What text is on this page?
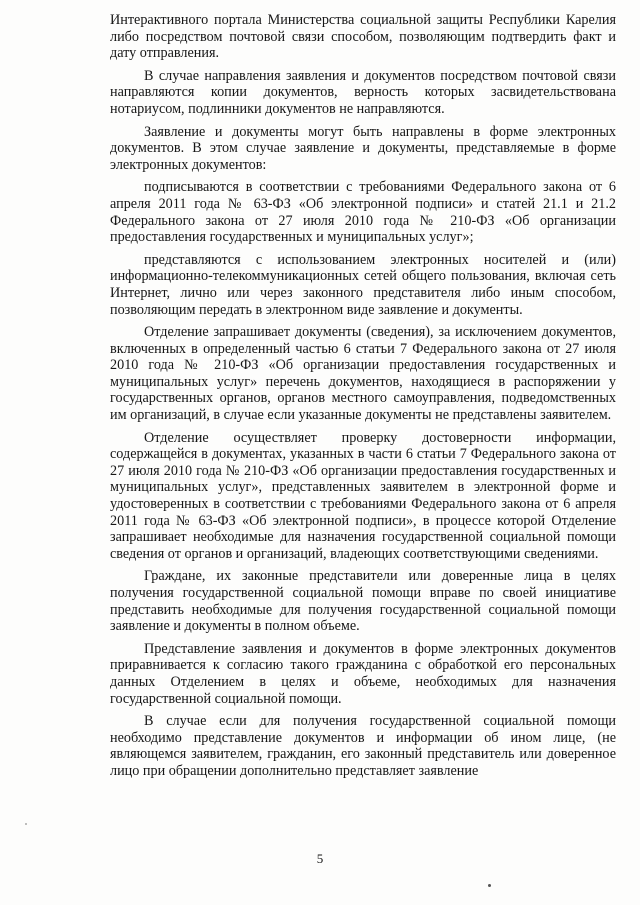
Интерактивного портала Министерства социальной защиты Республики Карелия либо посредством почтовой связи способом, позволяющим подтвердить факт и дату отправления.

В случае направления заявления и документов посредством почтовой связи направляются копии документов, верность которых засвидетельствована нотариусом, подлинники документов не направляются.

Заявление и документы могут быть направлены в форме электронных документов. В этом случае заявление и документы, представляемые в форме электронных документов:

подписываются в соответствии с требованиями Федерального закона от 6 апреля 2011 года № 63-ФЗ «Об электронной подписи» и статей 21.1 и 21.2 Федерального закона от 27 июля 2010 года № 210-ФЗ «Об организации предоставления государственных и муниципальных услуг»;

представляются с использованием электронных носителей и (или) информационно-телекоммуникационных сетей общего пользования, включая сеть Интернет, лично или через законного представителя либо иным способом, позволяющим передать в электронном виде заявление и документы.

Отделение запрашивает документы (сведения), за исключением документов, включенных в определенный частью 6 статьи 7 Федерального закона от 27 июля 2010 года № 210-ФЗ «Об организации предоставления государственных и муниципальных услуг» перечень документов, находящиеся в распоряжении у государственных органов, органов местного самоуправления, подведомственных им организаций, в случае если указанные документы не представлены заявителем.

Отделение осуществляет проверку достоверности информации, содержащейся в документах, указанных в части 6 статьи 7 Федерального закона от 27 июля 2010 года № 210-ФЗ «Об организации предоставления государственных и муниципальных услуг», представленных заявителем в электронной форме и удостоверенных в соответствии с требованиями Федерального закона от 6 апреля 2011 года № 63-ФЗ «Об электронной подписи», в процессе которой Отделение запрашивает необходимые для назначения государственной социальной помощи сведения от органов и организаций, владеющих соответствующими сведениями.

Граждане, их законные представители или доверенные лица в целях получения государственной социальной помощи вправе по своей инициативе представить необходимые для получения государственной социальной помощи заявление и документы в полном объеме.

Представление заявления и документов в форме электронных документов приравнивается к согласию такого гражданина с обработкой его персональных данных Отделением в целях и объеме, необходимых для назначения государственной социальной помощи.

В случае если для получения государственной социальной помощи необходимо представление документов и информации об ином лице, (не являющемся заявителем, гражданин, его законный представитель или доверенное лицо при обращении дополнительно представляет заявление

5
